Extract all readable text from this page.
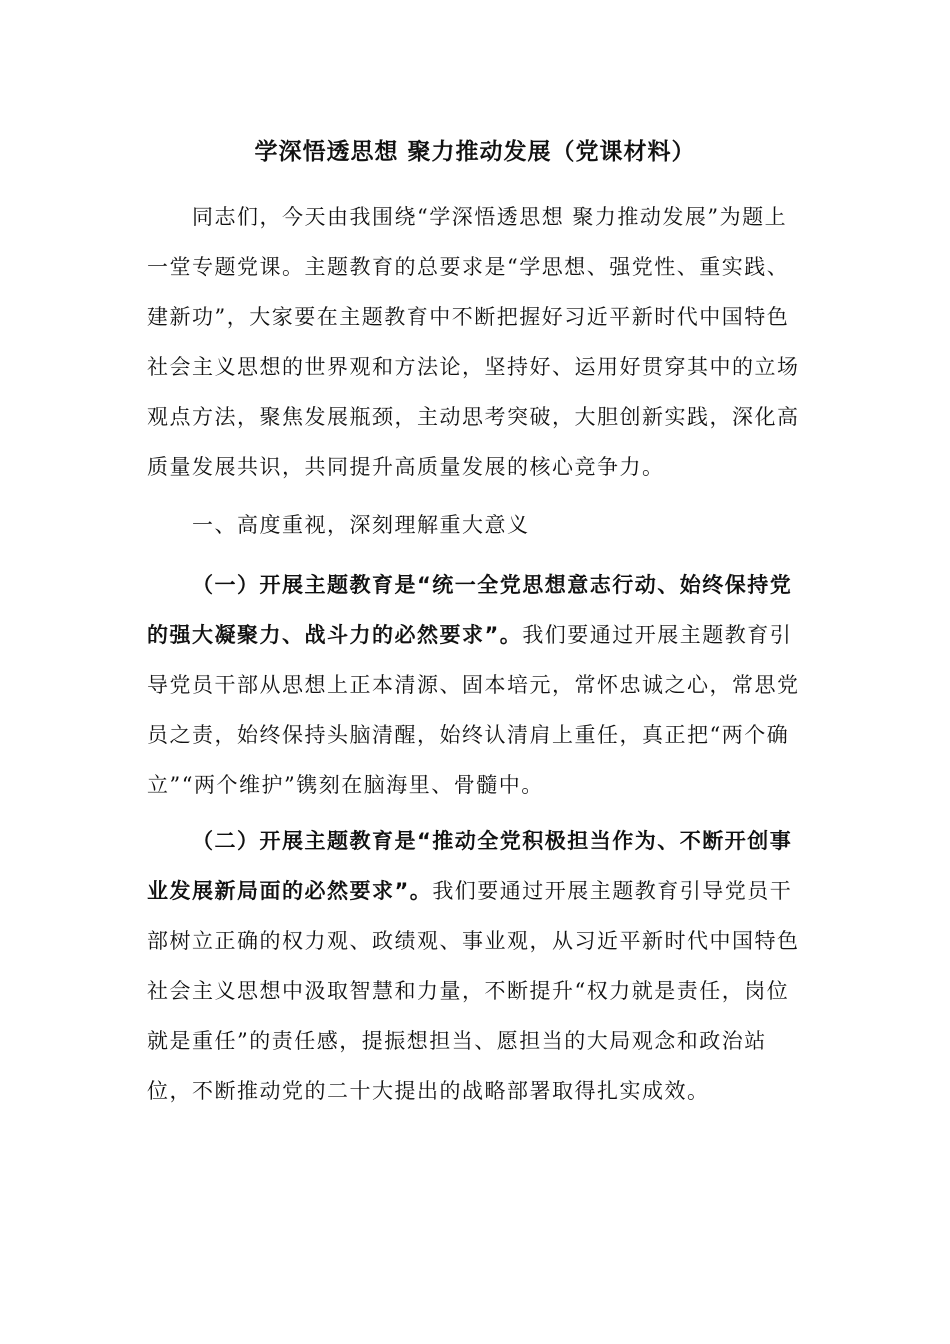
学深悟透思想 聚力推动发展（党课材料）
同志们，今天由我围绕“学深悟透思想 聚力推动发展”为题上
一堂专题党课。主题教育的总要求是“学思想、强党性、重实践、
建新功”，大家要在主题教育中不断把握好习近平新时代中国特色
社会主义思想的世界观和方法论，坚持好、运用好贯穿其中的立场
观点方法，聚焦发展瓶颈，主动思考突破，大胆创新实践，深化高
质量发展共识，共同提升高质量发展的核心竞争力。
一、高度重视，深刻理解重大意义
（一）开展主题教育是“统一全党思想意志行动、始终保持党
的强大凝聚力、战斗力的必然要求”。我们要通过开展主题教育引
导党员干部从思想上正本清源、固本培元，常怀忠诚之心，常思党
员之责，始终保持头脑清醒，始终认清肩上重任，真正把“两个确
立”“两个维护”镌刻在脑海里、骨髓中。
（二）开展主题教育是“推动全党积极担当作为、不断开创事
业发展新局面的必然要求”。我们要通过开展主题教育引导党员干
部树立正确的权力观、政绩观、事业观，从习近平新时代中国特色
社会主义思想中汲取智慧和力量，不断提升“权力就是责任，岗位
就是重任”的责任感，提振想担当、愿担当的大局观念和政治站
位，不断推动党的二十大提出的战略部署取得扎实成效。
